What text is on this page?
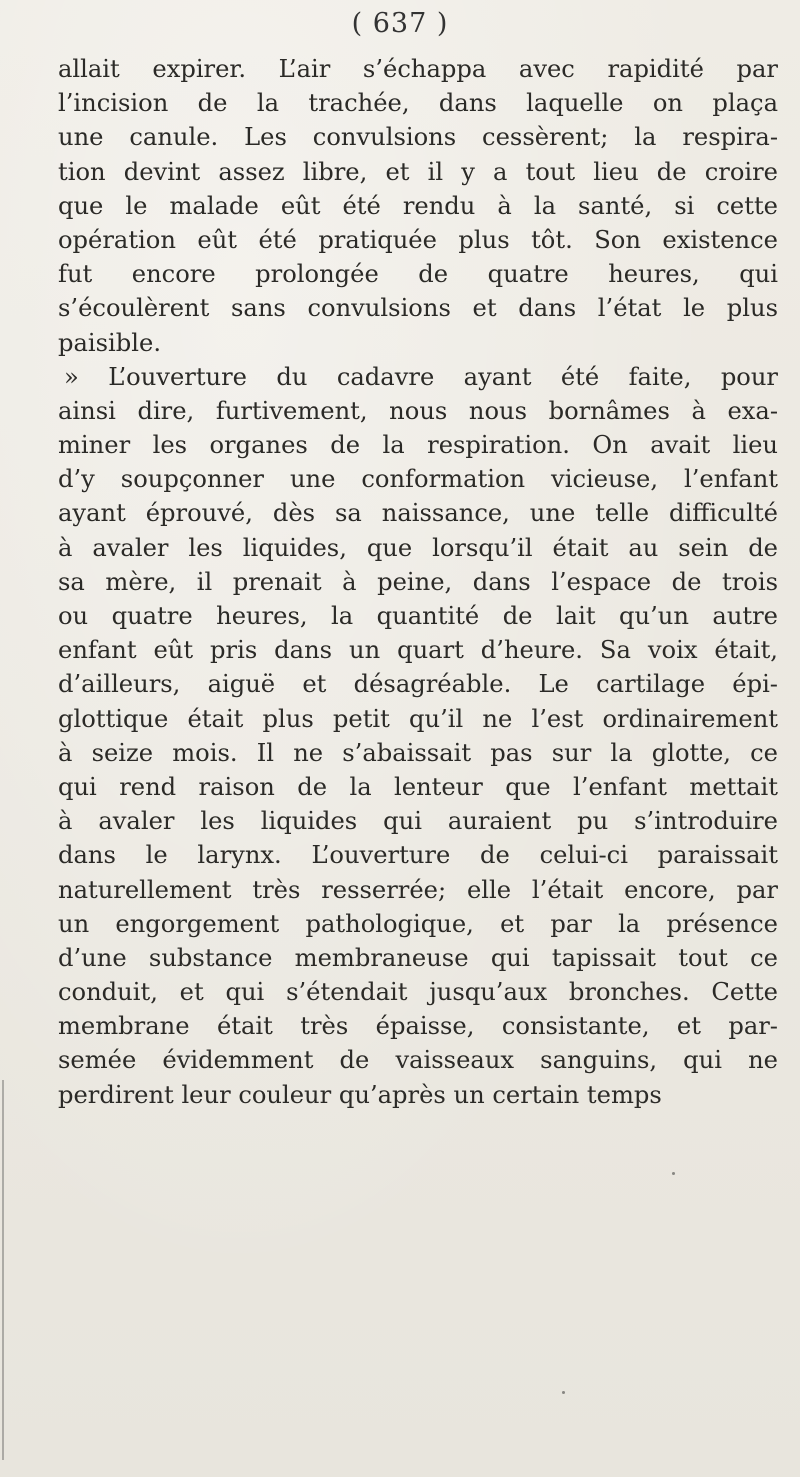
( 637 )
allait expirer. L’air s’échappa avec rapidité par
l’incision de la trachée, dans laquelle on plaça
une canule. Les convulsions cessèrent; la respira-
tion devint assez libre, et il y a tout lieu de croire
que le malade eût été rendu à la santé, si cette
opération eût été pratiquée plus tôt. Son existence
fut encore prolongée de quatre heures, qui
s’écoulèrent sans convulsions et dans l’état le plus
paisible.
» L’ouverture du cadavre ayant été faite, pour
ainsi dire, furtivement, nous nous bornâmes à exa-
miner les organes de la respiration. On avait lieu
d’y soupçonner une conformation vicieuse, l’enfant
ayant éprouvé, dès sa naissance, une telle difficulté
à avaler les liquides, que lorsqu’il était au sein de
sa mère, il prenait à peine, dans l’espace de trois
ou quatre heures, la quantité de lait qu’un autre
enfant eût pris dans un quart d’heure. Sa voix était,
d’ailleurs, aiguë et désagréable. Le cartilage épi-
glottique était plus petit qu’il ne l’est ordinairement
à seize mois. Il ne s’abaissait pas sur la glotte, ce
qui rend raison de la lenteur que l’enfant mettait
à avaler les liquides qui auraient pu s’introduire
dans le larynx. L’ouverture de celui-ci paraissait
naturellement très resserrée; elle l’était encore, par
un engorgement pathologique, et par la présence
d’une substance membraneuse qui tapissait tout ce
conduit, et qui s’étendait jusqu’aux bronches. Cette
membrane était très épaisse, consistante, et par-
semée évidemment de vaisseaux sanguins, qui ne
perdirent leur couleur qu’après un certain temps
